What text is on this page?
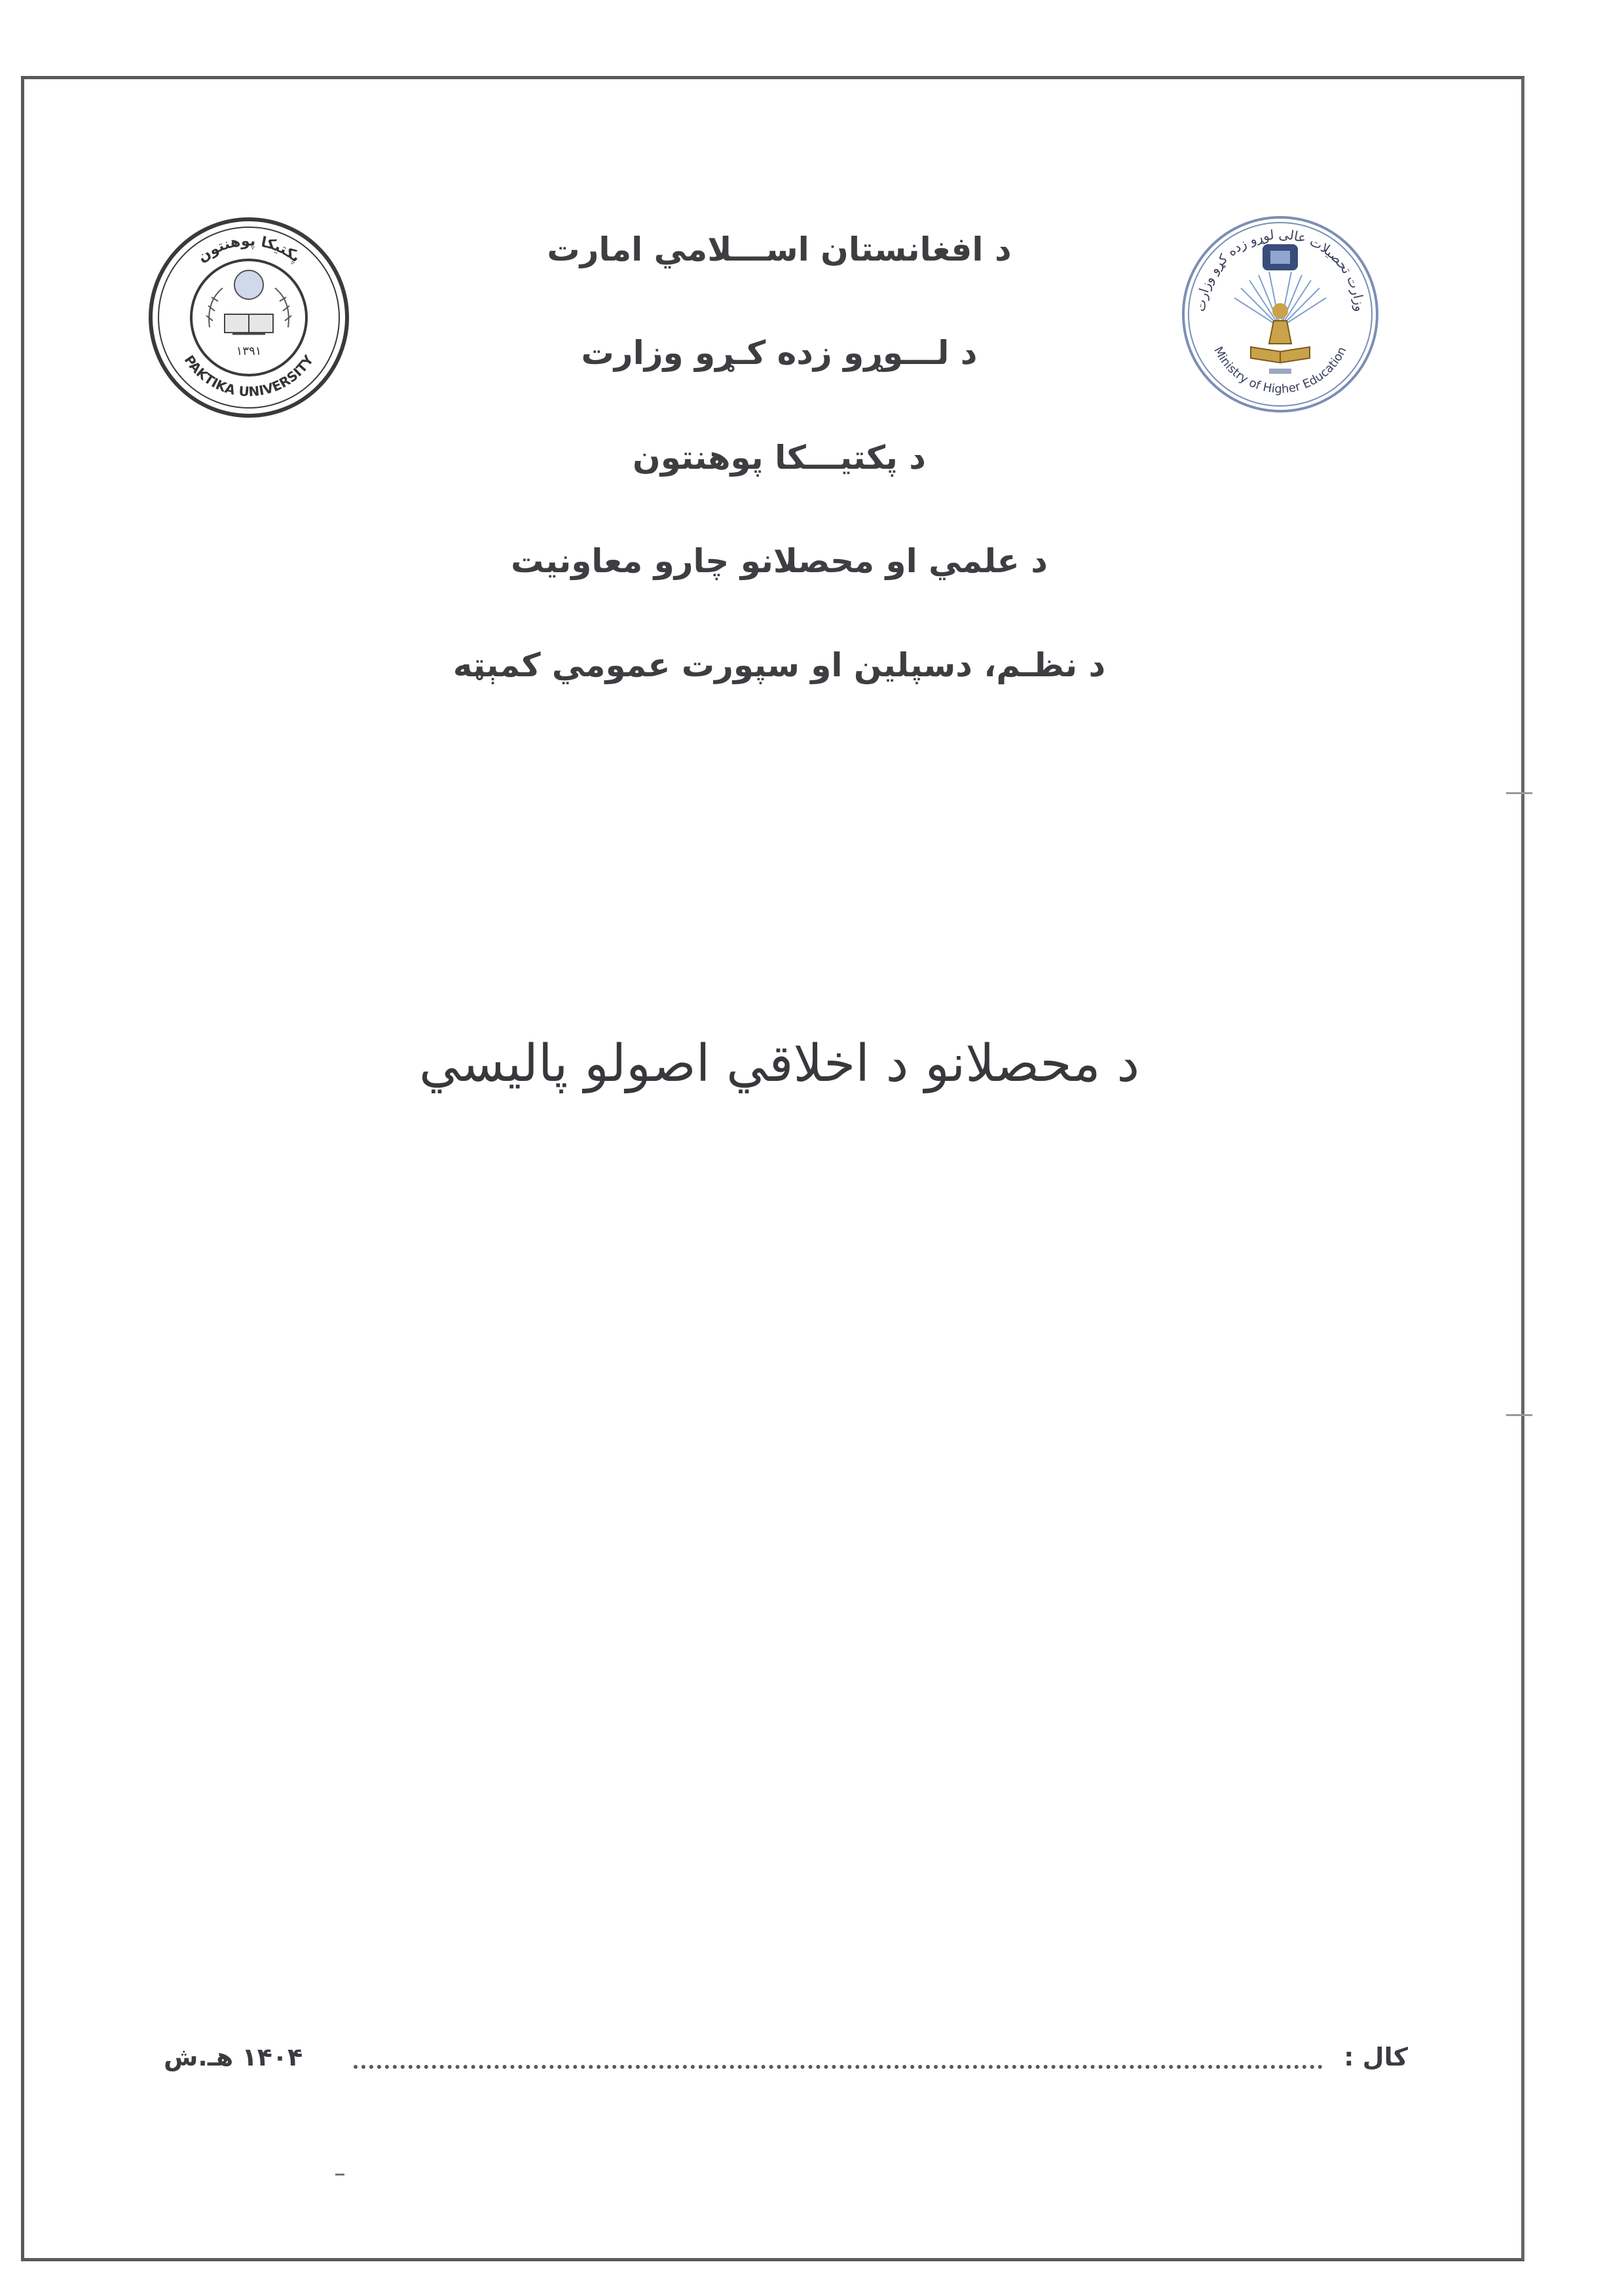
پکتیکا پوهنتون
PAKTIKA UNIVERSITY
۱۳۹۱
وزارت تحصیلات عالی لوړو زده کړو وزارت
Ministry of Higher Education
د افغانستان اســـلامي امارت
د لـــوړو زده کـړو وزارت
د پکتیـــکا پوهنتون
د علمي او محصلانو چارو معاونیت
د نظـم، دسپلین او سپورت عمومي کمېټه
د محصلانو د اخلاقي اصولو پالیسي
کال :
۱۴۰۴ هـ.ش
